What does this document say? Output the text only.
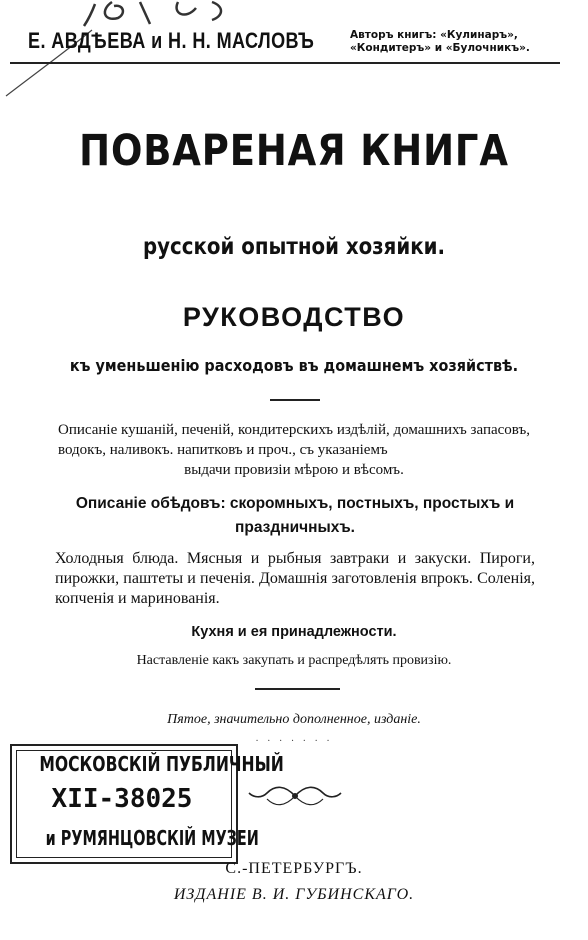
Е. АВДѢЕВА и Н. Н. МАСЛОВЪ	Авторъ книгъ: «Кулинаръ»,
«Кондитеръ» и «Булочникъ».
ПОВАРЕНАЯ КНИГА
русской опытной хозяйки.
РУКОВОДСТВО
къ уменьшенiю расходовъ въ домашнемъ хозяйствѣ.
Описанiе кушанiй, печенiй, кондитерскихъ издѣлiй, домашнихъ запасовъ, водокъ, наливокъ. напитковъ и проч., съ указанiемъ
выдачи провизiи мѣрою и вѣсомъ.
Описанiе обѣдовъ: скоромныхъ, постныхъ, простыхъ и праздничныхъ.
Холодныя блюда. Мясныя и рыбныя завтраки и закуски. Пироги, пирожки, паштеты и печенiя. Домашнiя заготовленiя впрокъ. Соленiя, копченiя и маринованiя.
Кухня и ея принадлежности.
Наставленiе какъ закупать и распредѣлять провизiю.
Пятое, значительно дополненное, изданiе.
· · · · · · ·
МОСКОВСКIЙ ПУБЛИЧНЫЙ
XII-38025
и РУМЯНЦОВСКIЙ МУЗЕИ
С.-ПЕТЕРБУРГЪ.
ИЗДАНIЕ В. И. ГУБИНСКАГО.
